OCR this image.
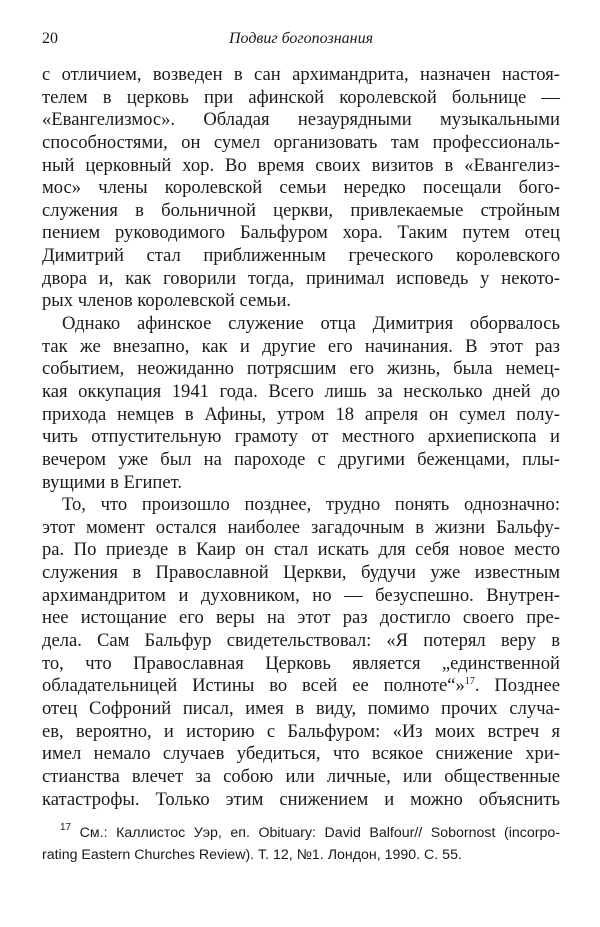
20	Подвиг богопознания
с отличием, возведен в сан архимандрита, назначен настоя-
телем в церковь при афинской королевской больнице —
«Евангелизмос». Обладая незаурядными музыкальными
способностями, он сумел организовать там профессиональ-
ный церковный хор. Во время своих визитов в «Евангелиз-
мос» члены королевской семьи нередко посещали бого-
служения в больничной церкви, привлекаемые стройным
пением руководимого Бальфуром хора. Таким путем отец
Димитрий стал приближенным греческого королевского
двора и, как говорили тогда, принимал исповедь у некото-
рых членов королевской семьи.
Однако афинское служение отца Димитрия оборвалось
так же внезапно, как и другие его начинания. В этот раз
событием, неожиданно потрясшим его жизнь, была немец-
кая оккупация 1941 года. Всего лишь за несколько дней до
прихода немцев в Афины, утром 18 апреля он сумел полу-
чить отпустительную грамоту от местного архиепископа и
вечером уже был на пароходе с другими беженцами, плы-
вущими в Египет.
То, что произошло позднее, трудно понять однозначно:
этот момент остался наиболее загадочным в жизни Бальфу-
ра. По приезде в Каир он стал искать для себя новое место
служения в Православной Церкви, будучи уже известным
архимандритом и духовником, но — безуспешно. Внутрен-
нее истощание его веры на этот раз достигло своего пре-
дела. Сам Бальфур свидетельствовал: «Я потерял веру в
то, что Православная Церковь является „единственной
обладательницей Истины во всей ее полноте“»$^{17}$. Позднее
отец Софроний писал, имея в виду, помимо прочих случа-
ев, вероятно, и историю с Бальфуром: «Из моих встреч я
имел немало случаев убедиться, что всякое снижение хри-
стианства влечет за собою или личные, или общественные
катастрофы. Только этим снижением и можно объяснить
$^{17}$ См.: Каллистос Уэр, еп. Obituary: David Balfour// Sobornost (incorpo-
rating Eastern Churches Review). Т. 12, №1. Лондон, 1990. С. 55.
